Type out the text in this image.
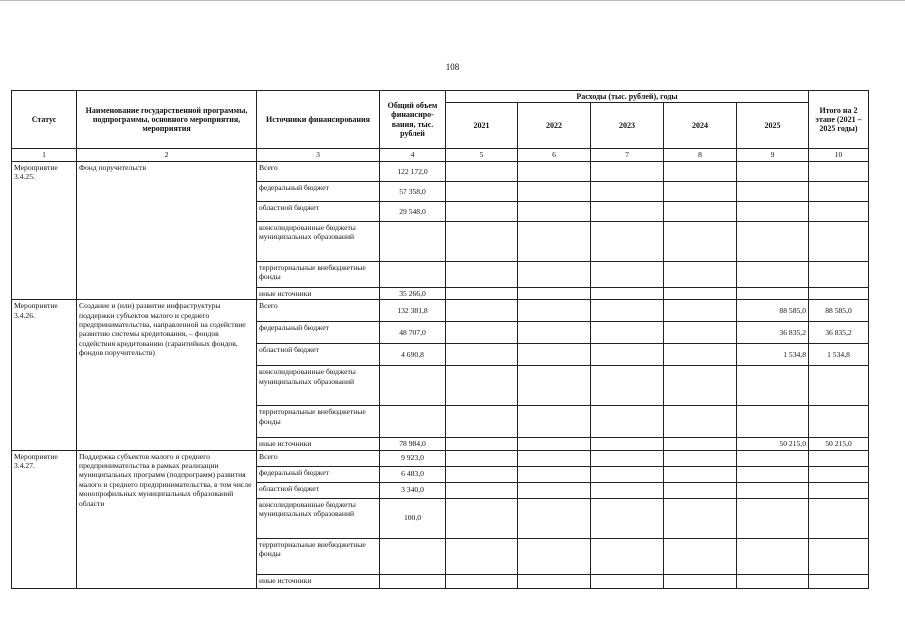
108
Статус	Наименование государственной программы, подпрограммы, основного мероприятия, мероприятия	Источники финансирования	Общий объем финансиро-вания, тыс. рублей	Расходы (тыс. рублей), годы					Итого на 2 этапе (2021 – 2025 годы)
				2021	2022	2023	2024	2025	
1	2	3	4	5	6	7	8	9	10
Мероприятие 3.4.25.	Фонд поручительств	Всего	122 172,0						
		федеральный бюджет	57 358,0						
		областной бюджет	29 548,0						
		консолидированные бюджеты муниципальных образований							
		территориальные внебюджетные фонды							
		иные источники	35 266,0						
Мероприятие 3.4.26.	Создание и (или) развитие инфраструктуры поддержки субъектов малого и среднего предпринимательства, направленной на содействие развитию системы кредитования, – фондов содействия кредитованию (гарантийных фондов, фондов поручительств)	Всего	132 381,8					88 585,0	88 585,0
		федеральный бюджет	48 707,0					36 835,2	36 835,2
		областной бюджет	4 690,8					1 534,8	1 534,8
		консолидированные бюджеты муниципальных образований							
		территориальные внебюджетные фонды							
		иные источники	78 984,0					50 215,0	50 215,0
Мероприятие 3.4.27.	Поддержка субъектов малого и среднего предпринимательства в рамках реализации муниципальных программ (подпрограмм) развития малого и среднего предпринимательства, в том числе монопрофильных муниципальных образований области	Всего	9 923,0						
		федеральный бюджет	6 483,0						
		областной бюджет	3 340,0						
		консолидированные бюджеты муниципальных образований	100,0						
		территориальные внебюджетные фонды							
		иные источники							
